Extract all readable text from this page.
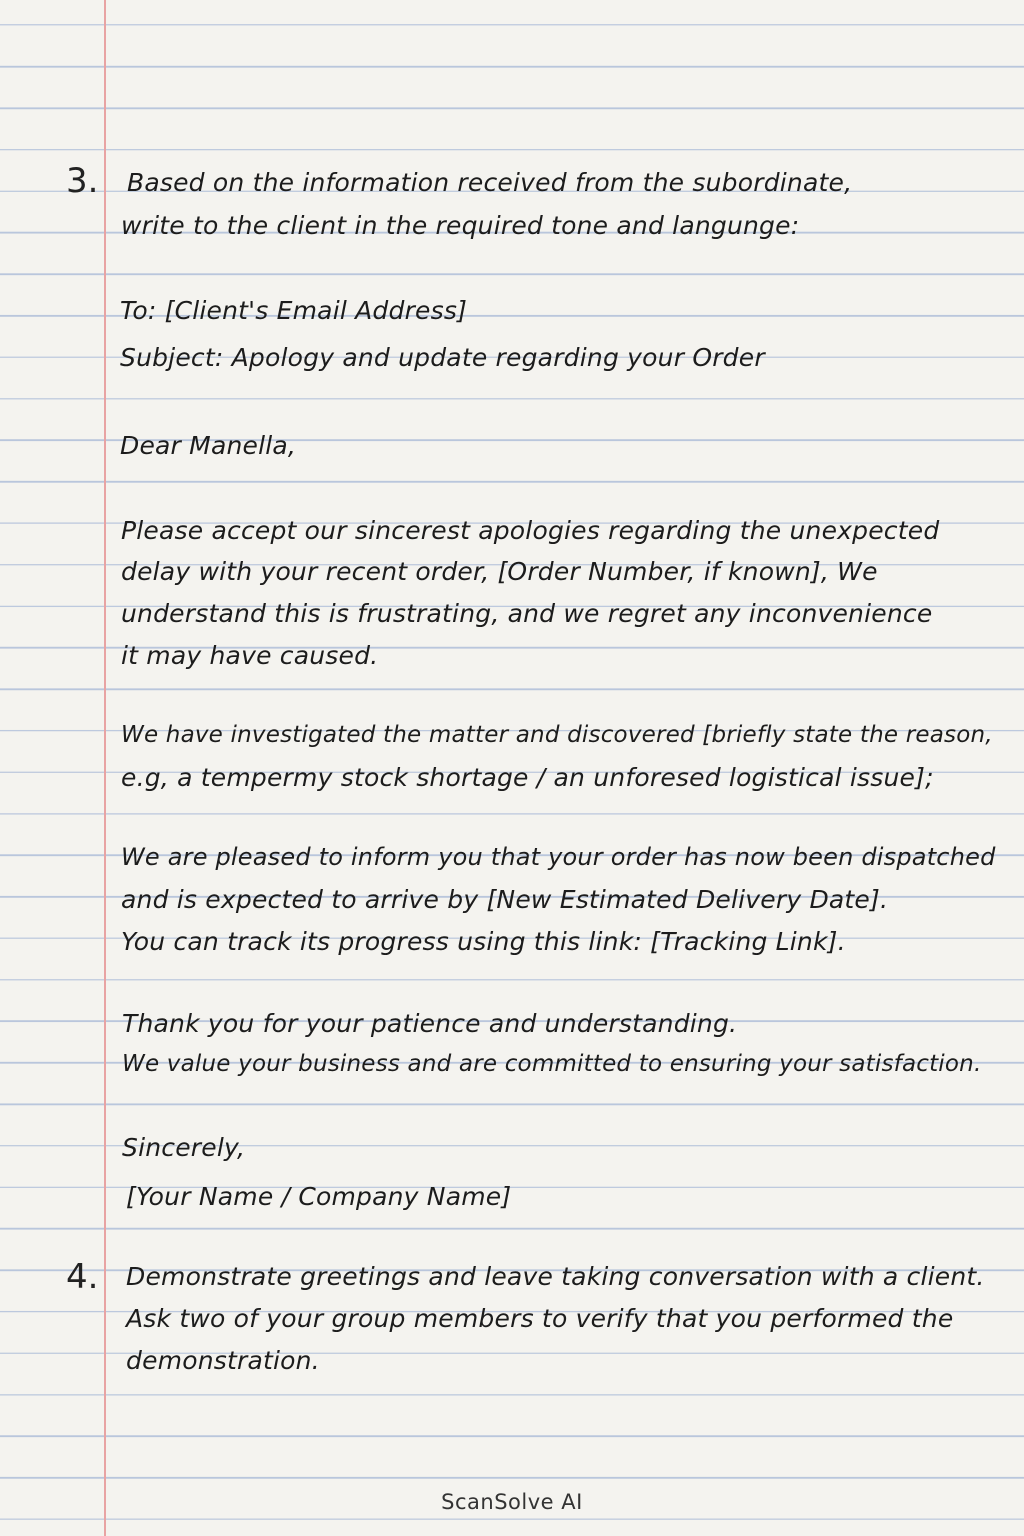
3. Based on the information received from the subordinate,
write to the client in the required tone and langunge:
To: [Client's Email Address]
Subject: Apology and update regarding your Order
Dear Manella,
Please accept our sincerest apologies regarding the unexpected
delay with your recent order, [Order Number, if known], We
understand this is frustrating, and we regret any inconvenience
it may have caused.
We have investigated the matter and discovered [briefly state the reason,
e.g, a tempermy stock shortage / an unforesed logistical issue];
We are pleased to inform you that your order has now been dispatched
and is expected to arrive by [New Estimated Delivery Date].
You can track its progress using this link: [Tracking Link].
Thank you for your patience and understanding.
We value your business and are committed to ensuring your satisfaction.
Sincerely,
[Your Name / Company Name]
4. Demonstrate greetings and leave taking conversation with a client.
Ask two of your group members to verify that you performed the
demonstration.
ScanSolve AI
